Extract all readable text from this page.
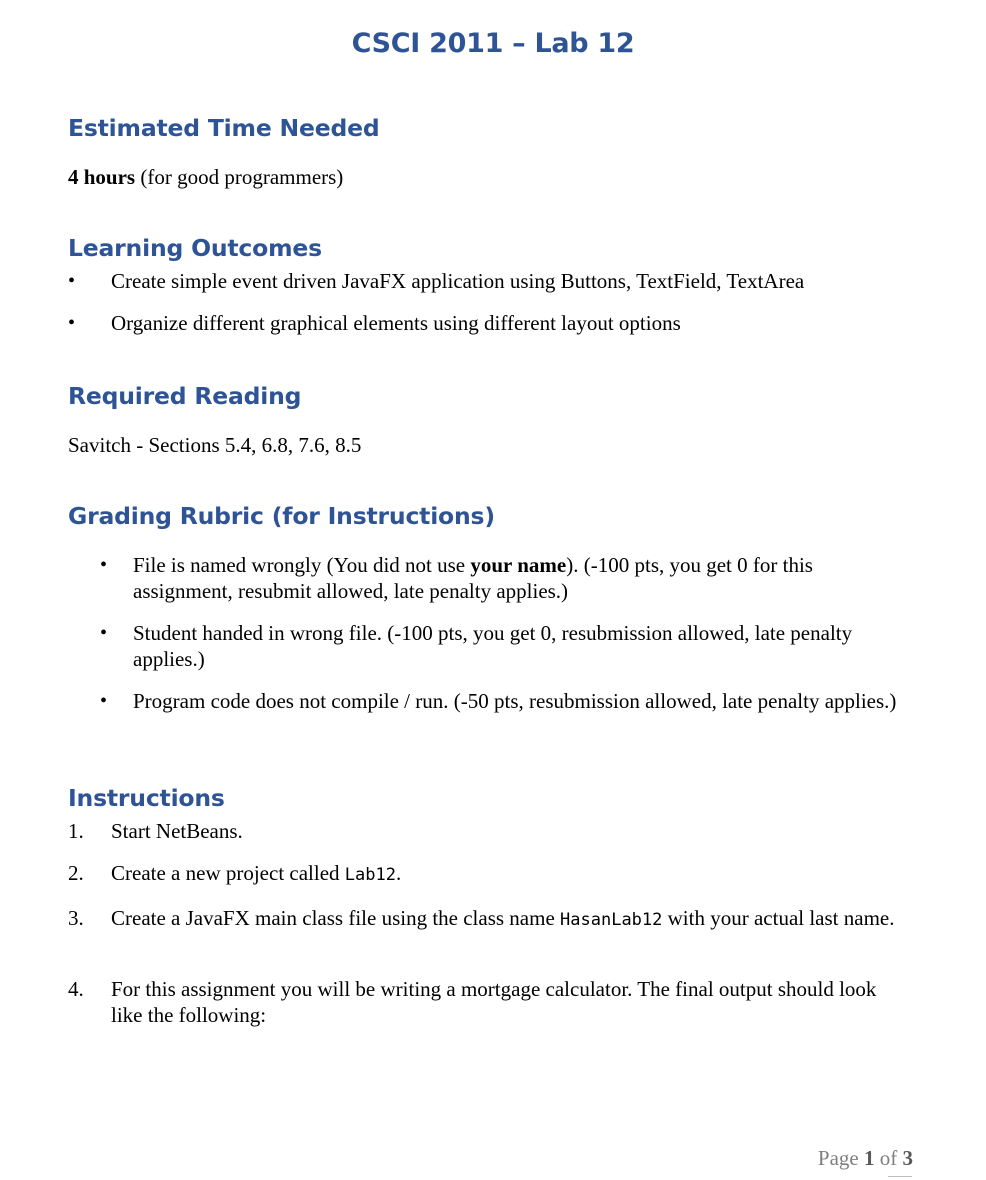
CSCI 2011 – Lab 12
Estimated Time Needed
4 hours (for good programmers)
Learning Outcomes
• Create simple event driven JavaFX application using Buttons, TextField, TextArea
• Organize different graphical elements using different layout options
Required Reading
Savitch - Sections 5.4, 6.8, 7.6, 8.5
Grading Rubric (for Instructions)
• File is named wrongly (You did not use your name). (-100 pts, you get 0 for this assignment, resubmit allowed, late penalty applies.)
• Student handed in wrong file. (-100 pts, you get 0, resubmission allowed, late penalty applies.)
• Program code does not compile / run. (-50 pts, resubmission allowed, late penalty applies.)
Instructions
1. Start NetBeans.
2. Create a new project called Lab12.
3. Create a JavaFX main class file using the class name HasanLab12 with your actual last name.
4. For this assignment you will be writing a mortgage calculator. The final output should look like the following:
Page 1 of 3
